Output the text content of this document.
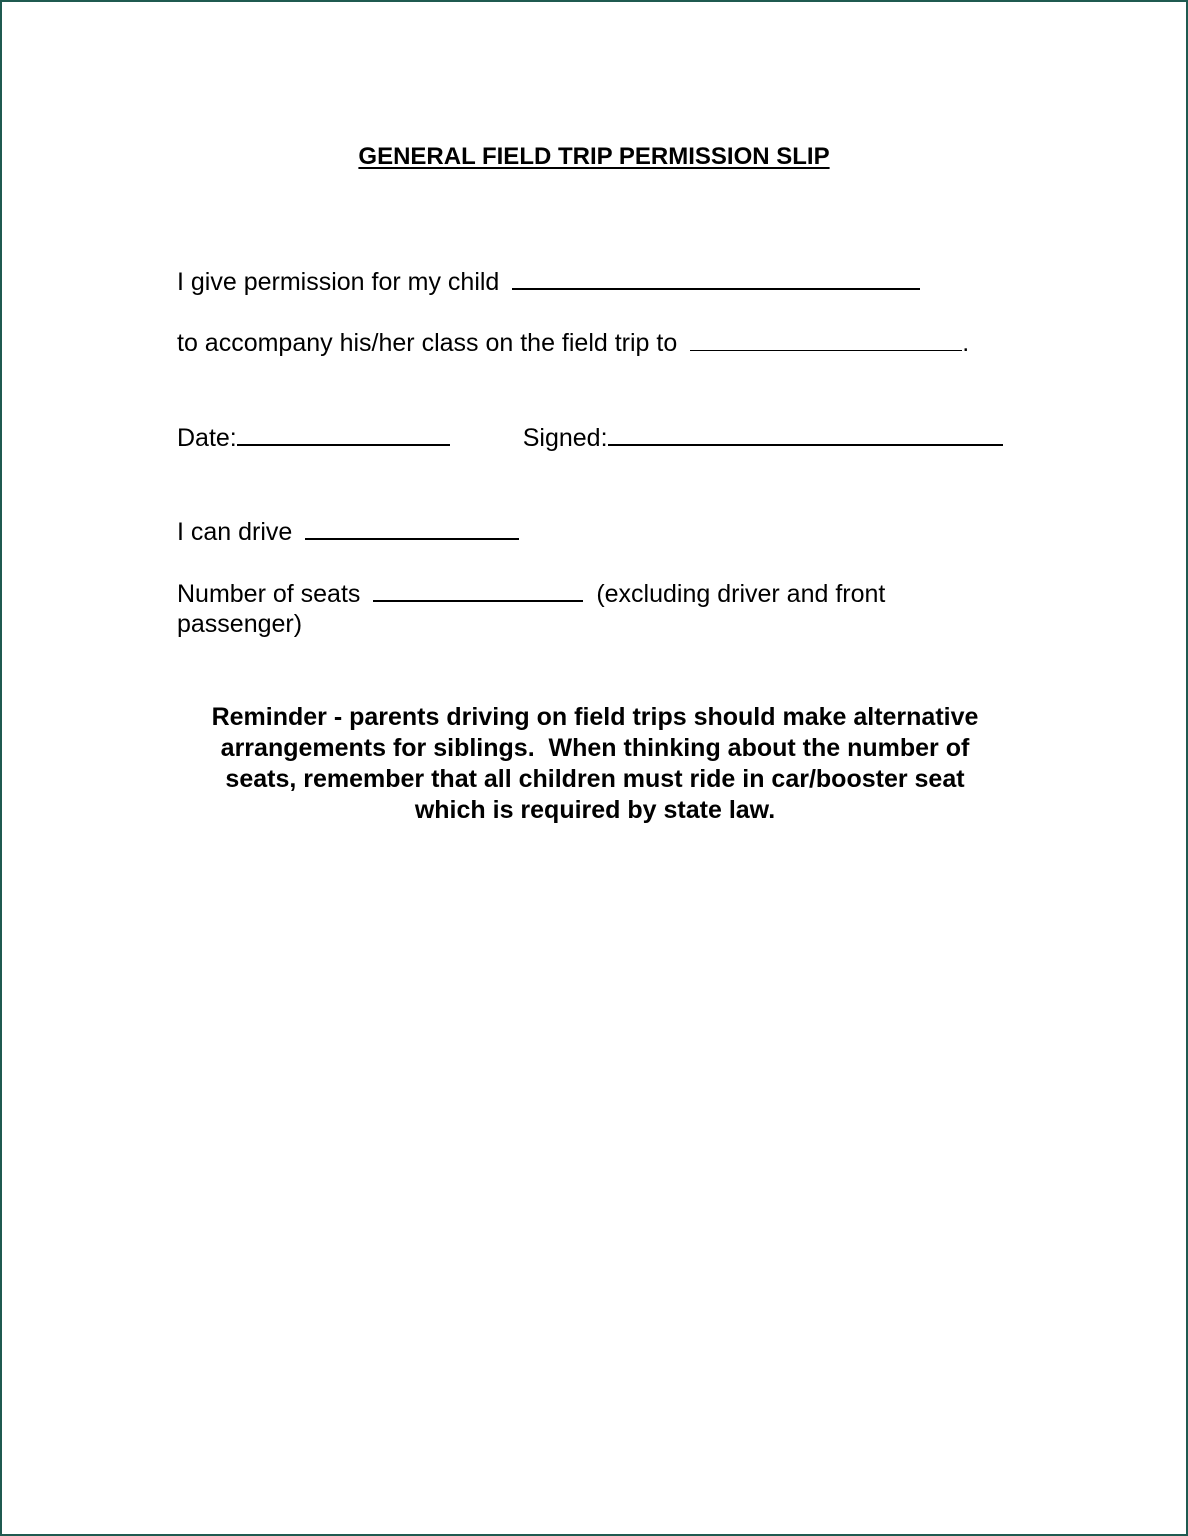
GENERAL FIELD TRIP PERMISSION SLIP
I give permission for my child
to accompany his/her class on the field trip to	.
Date:	Signed:
I can drive
Number of seats	(excluding driver and front
passenger)
Reminder - parents driving on field trips should make alternative
arrangements for siblings.  When thinking about the number of
seats, remember that all children must ride in car/booster seat
which is required by state law.
